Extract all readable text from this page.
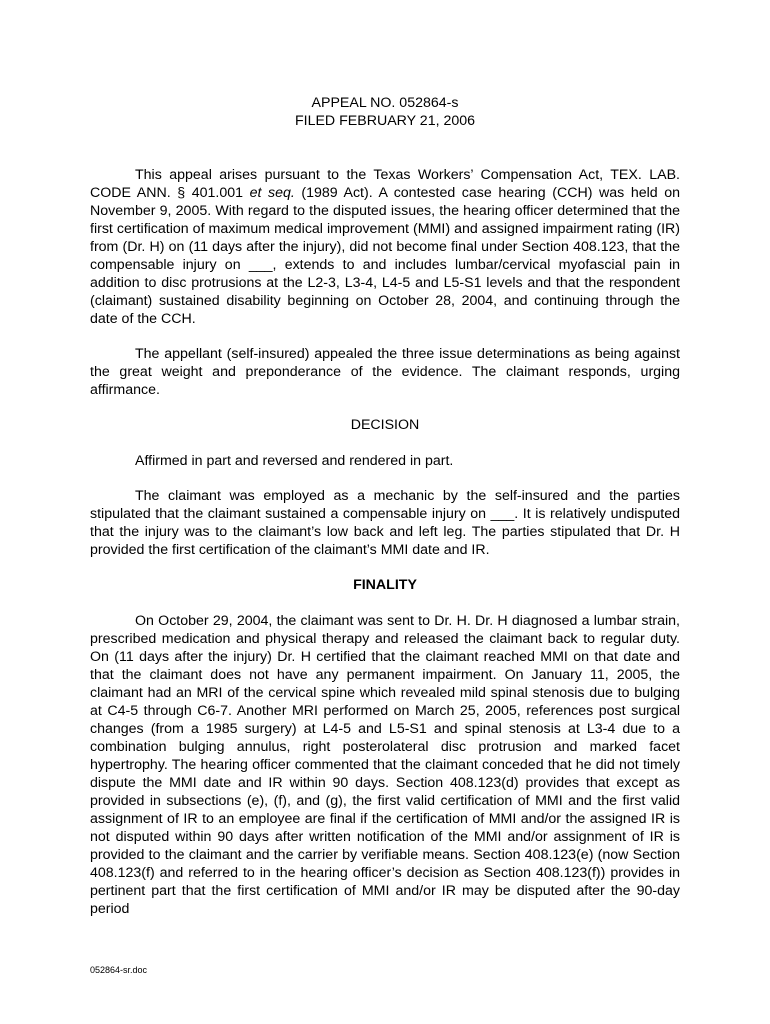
APPEAL NO. 052864-s

FILED FEBRUARY 21, 2006

This appeal arises pursuant to the Texas Workers’ Compensation Act, TEX. LAB. CODE ANN. § 401.001 et seq. (1989 Act). A contested case hearing (CCH) was held on November 9, 2005. With regard to the disputed issues, the hearing officer determined that the first certification of maximum medical improvement (MMI) and assigned impairment rating (IR) from (Dr. H) on (11 days after the injury), did not become final under Section 408.123, that the compensable injury on ___, extends to and includes lumbar/cervical myofascial pain in addition to disc protrusions at the L2-3, L3-4, L4-5 and L5-S1 levels and that the respondent (claimant) sustained disability beginning on October 28, 2004, and continuing through the date of the CCH.

The appellant (self-insured) appealed the three issue determinations as being against the great weight and preponderance of the evidence. The claimant responds, urging affirmance.

DECISION

Affirmed in part and reversed and rendered in part.

The claimant was employed as a mechanic by the self-insured and the parties stipulated that the claimant sustained a compensable injury on ___. It is relatively undisputed that the injury was to the claimant’s low back and left leg. The parties stipulated that Dr. H provided the first certification of the claimant’s MMI date and IR.

FINALITY

On October 29, 2004, the claimant was sent to Dr. H. Dr. H diagnosed a lumbar strain, prescribed medication and physical therapy and released the claimant back to regular duty. On (11 days after the injury) Dr. H certified that the claimant reached MMI on that date and that the claimant does not have any permanent impairment. On January 11, 2005, the claimant had an MRI of the cervical spine which revealed mild spinal stenosis due to bulging at C4-5 through C6-7. Another MRI performed on March 25, 2005, references post surgical changes (from a 1985 surgery) at L4-5 and L5-S1 and spinal stenosis at L3-4 due to a combination bulging annulus, right posterolateral disc protrusion and marked facet hypertrophy. The hearing officer commented that the claimant conceded that he did not timely dispute the MMI date and IR within 90 days. Section 408.123(d) provides that except as provided in subsections (e), (f), and (g), the first valid certification of MMI and the first valid assignment of IR to an employee are final if the certification of MMI and/or the assigned IR is not disputed within 90 days after written notification of the MMI and/or assignment of IR is provided to the claimant and the carrier by verifiable means. Section 408.123(e) (now Section 408.123(f) and referred to in the hearing officer’s decision as Section 408.123(f)) provides in pertinent part that the first certification of MMI and/or IR may be disputed after the 90-day period

052864-sr.doc
